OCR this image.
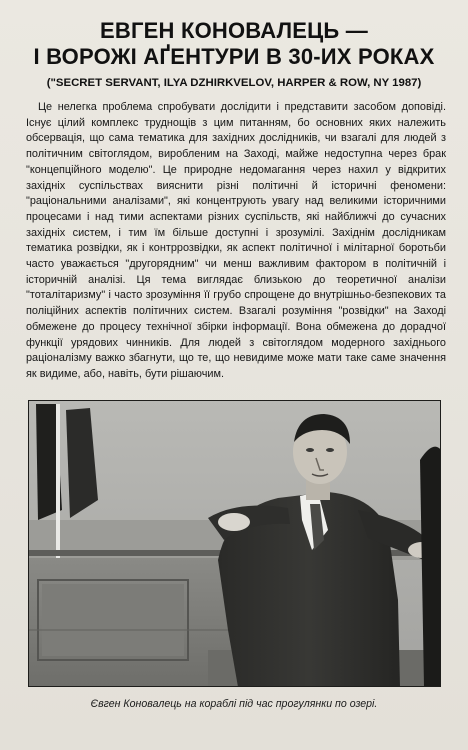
ЕВГЕН КОНОВАЛЕЦЬ —
І ВОРОЖІ АҐЕНТУРИ В 30-ИХ РОКАХ
("SECRET SERVANT, ILYA DZHIRKVELOV, HARPER & ROW, NY 1987)

Це нелегка проблема спробувати дослідити і представити засобом доповіді. Існує цілий комплекс труднощів з цим питанням, бо основних яких належить обсервація, що сама тематика для західних дослідників, чи взагалі для людей з політичним світоглядом, виробленим на Заході, майже недоступна через брак "концепційного моделю". Це природне недомагання через нахил у відкритих західніх суспільствах вияснити різні політичні й історичні феномени: "раціональними аналізами", які концентрують увагу над великими історичними процесами і над тими аспектами різних суспільств, які найближчі до сучасних західніх систем, і тим їм більше доступні і зрозумілі. Західнім дослідникам тематика розвідки, як і контррозвідки, як аспект політичної і мілітарної боротьби часто уважається "другорядним" чи менш важливим фактором в політичній і історичній аналізі. Ця тема виглядає близькою до теоретичної аналізи "тоталітаризму" і часто зрозуміння її грубо спрощене до внутрішньо-безпекових та поліційних аспектів політичних систем. Взагалі розуміння "розвідки" на Заході обмежене до процесу технічної збірки інформації. Вона обмежена до дорадчої функції урядових чинників. Для людей з світоглядом модерного західнього раціоналізму важко збагнути, що те, що невидиме може мати таке саме значення як видиме, або, навіть, бути рішаючим.

Євген Коновалець на кораблі під час прогулянки по озері.
